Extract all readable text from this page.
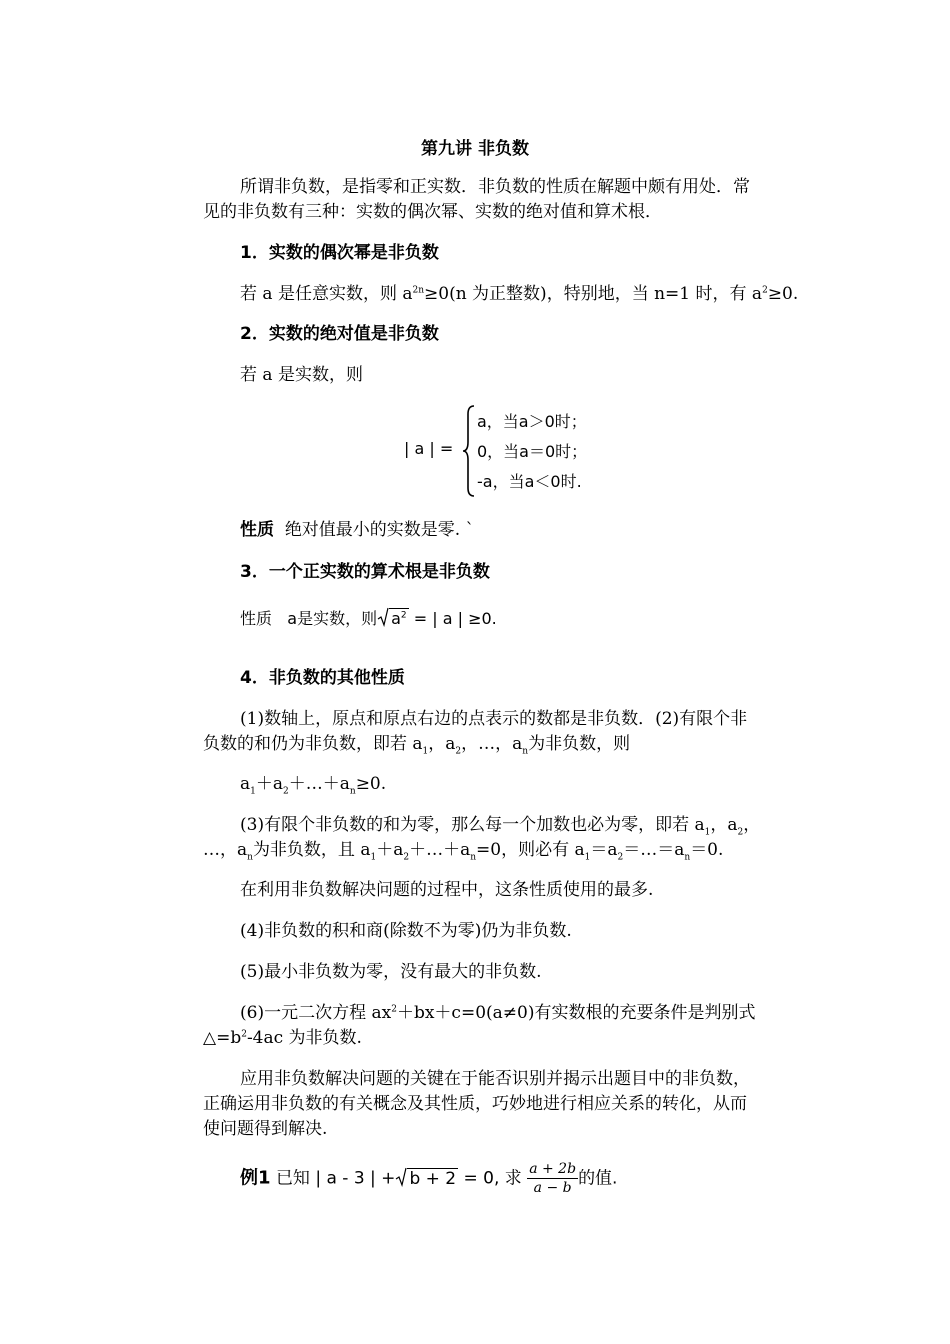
第九讲 非负数
所谓非负数，是指零和正实数．非负数的性质在解题中颇有用处．常
见的非负数有三种：实数的偶次幂、实数的绝对值和算术根．
1．实数的偶次幂是非负数
若 a 是任意实数，则 $a^{2n}\ge 0(n$ 为正整数)，特别地，当 n=1 时，有 $a^2\ge 0$.
2．实数的绝对值是非负数
若 a 是实数，则
| a | =
a，当a＞0时；
0，当a＝0时；
-a，当a＜0时.
性质 绝对值最小的实数是零. `
3．一个正实数的算术根是非负数
性质 a是实数，则 $a^2$ = | a | ≥0.
4．非负数的其他性质
(1)数轴上，原点和原点右边的点表示的数都是非负数．(2)有限个非
负数的和仍为非负数，即若 $a_1$，$a_2$，…，$a_n$为非负数，则
$a_1+a_2+\dots+a_n\ge 0$.
(3)有限个非负数的和为零，那么每一个加数也必为零，即若 $a_1$，$a_2$，
…，$a_n$为非负数，且 $a_1+a_2+\dots+a_n=0$，则必有 $a_1=a_2=\dots=a_n=0$.
在利用非负数解决问题的过程中，这条性质使用的最多.
(4)非负数的积和商(除数不为零)仍为非负数.
(5)最小非负数为零，没有最大的非负数.
(6)一元二次方程 $ax^2+bx+c=0(a\ne 0)$有实数根的充要条件是判别式
$\triangle=b^2-4ac$ 为非负数.
应用非负数解决问题的关键在于能否识别并揭示出题目中的非负数，
正确运用非负数的有关概念及其性质，巧妙地进行相应关系的转化，从而
使问题得到解决.
例1 已知 | a - 3 | + b + 2 = 0, 求 $\frac{a + 2b}{a - b}$ 的值.
